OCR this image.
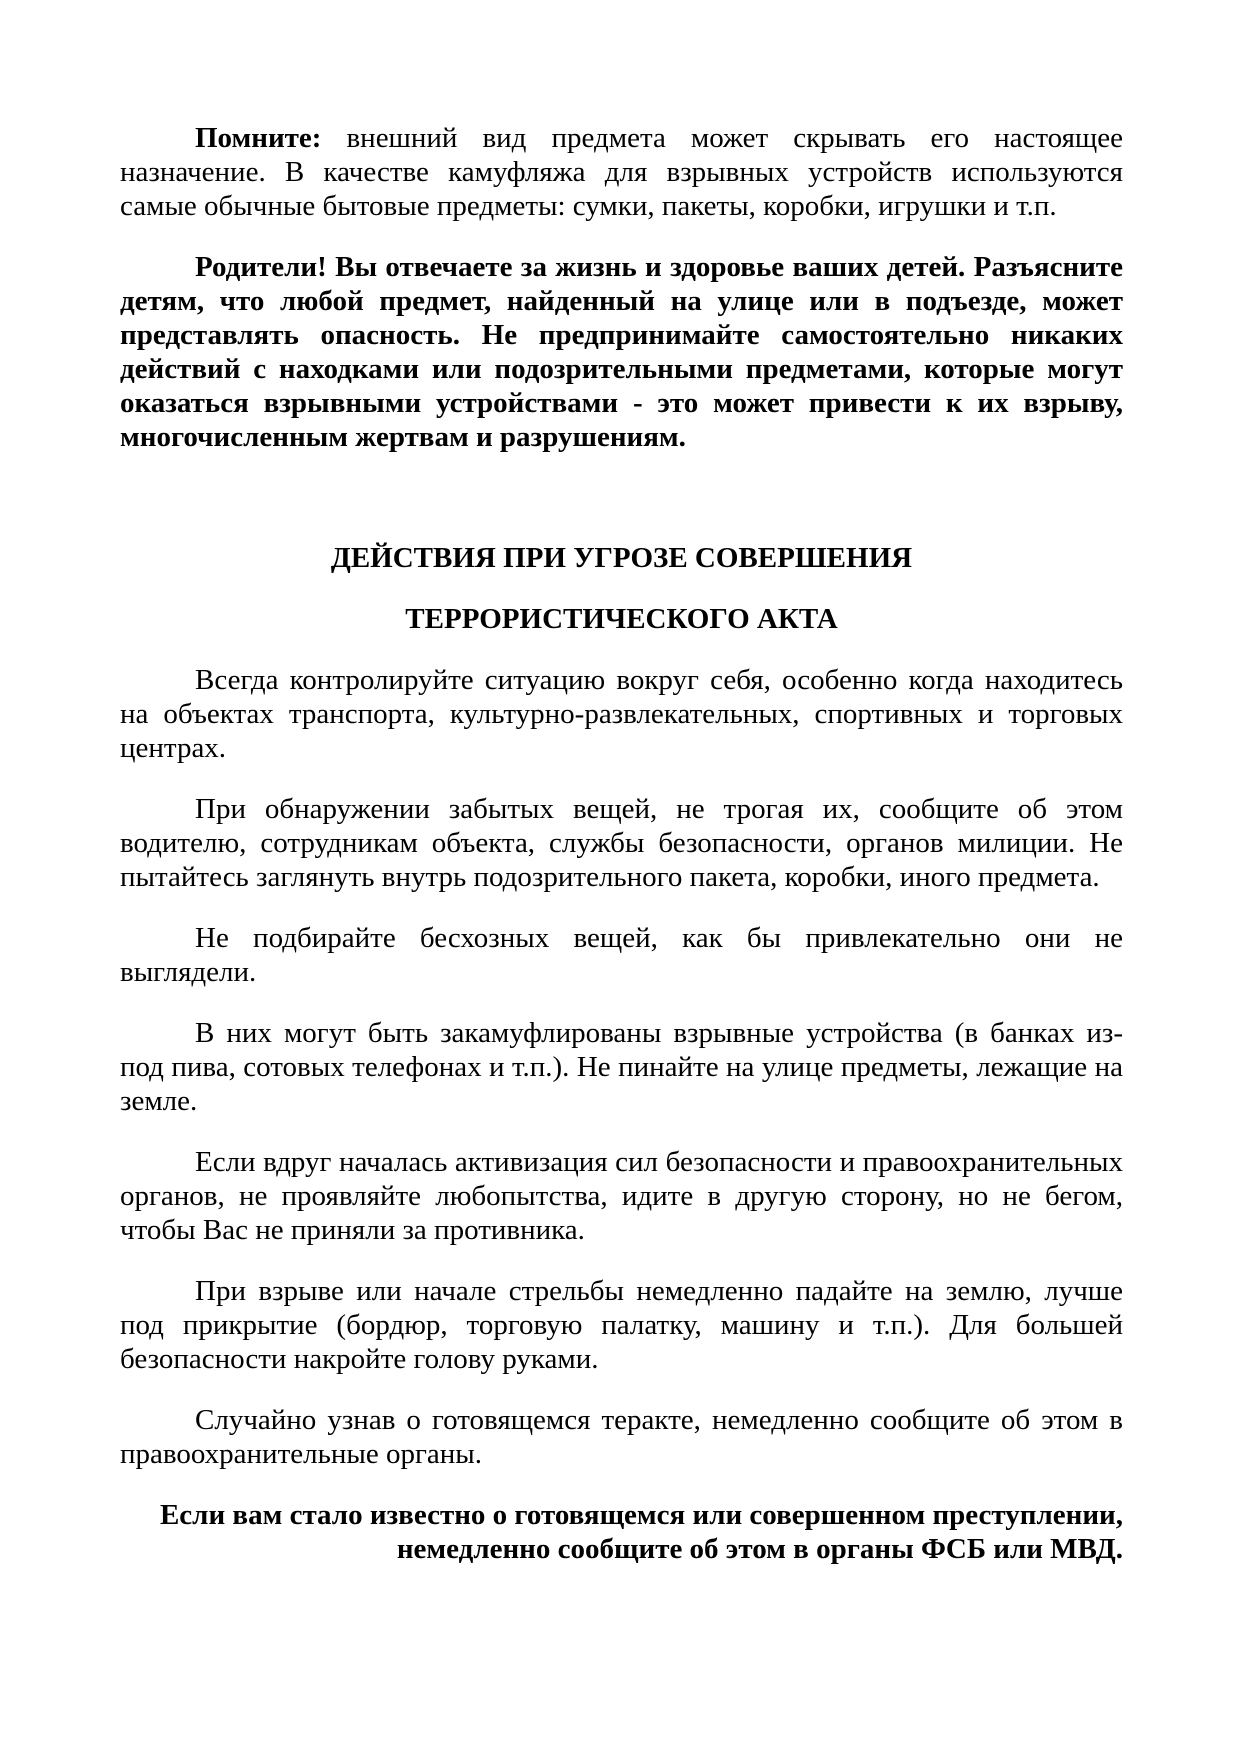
Помните: внешний вид предмета может скрывать его настоящее назначение. В качестве камуфляжа для взрывных устройств используются самые обычные бытовые предметы: сумки, пакеты, коробки, игрушки и т.п.

Родители! Вы отвечаете за жизнь и здоровье ваших детей. Разъясните детям, что любой предмет, найденный на улице или в подъезде, может представлять опасность. Не предпринимайте самостоятельно никаких действий с находками или подозрительными предметами, которые могут оказаться взрывными устройствами - это может привести к их взрыву, многочисленным жертвам и разрушениям.

ДЕЙСТВИЯ ПРИ УГРОЗЕ СОВЕРШЕНИЯ

ТЕРРОРИСТИЧЕСКОГО АКТА

Всегда контролируйте ситуацию вокруг себя, особенно когда находитесь на объектах транспорта, культурно-развлекательных, спортивных и торговых центрах.

При обнаружении забытых вещей, не трогая их, сообщите об этом водителю, сотрудникам объекта, службы безопасности, органов милиции. Не пытайтесь заглянуть внутрь подозрительного пакета, коробки, иного предмета.

Не подбирайте бесхозных вещей, как бы привлекательно они не выглядели.

В них могут быть закамуфлированы взрывные устройства (в банках из-под пива, сотовых телефонах и т.п.). Не пинайте на улице предметы, лежащие на земле.

Если вдруг началась активизация сил безопасности и правоохранительных органов, не проявляйте любопытства, идите в другую сторону, но не бегом, чтобы Вас не приняли за противника.

При взрыве или начале стрельбы немедленно падайте на землю, лучше под прикрытие (бордюр, торговую палатку, машину и т.п.). Для большей безопасности накройте голову руками.

Случайно узнав о готовящемся теракте, немедленно сообщите об этом в правоохранительные органы.

Если вам стало известно о готовящемся или совершенном преступлении, немедленно сообщите об этом в органы ФСБ или МВД.
